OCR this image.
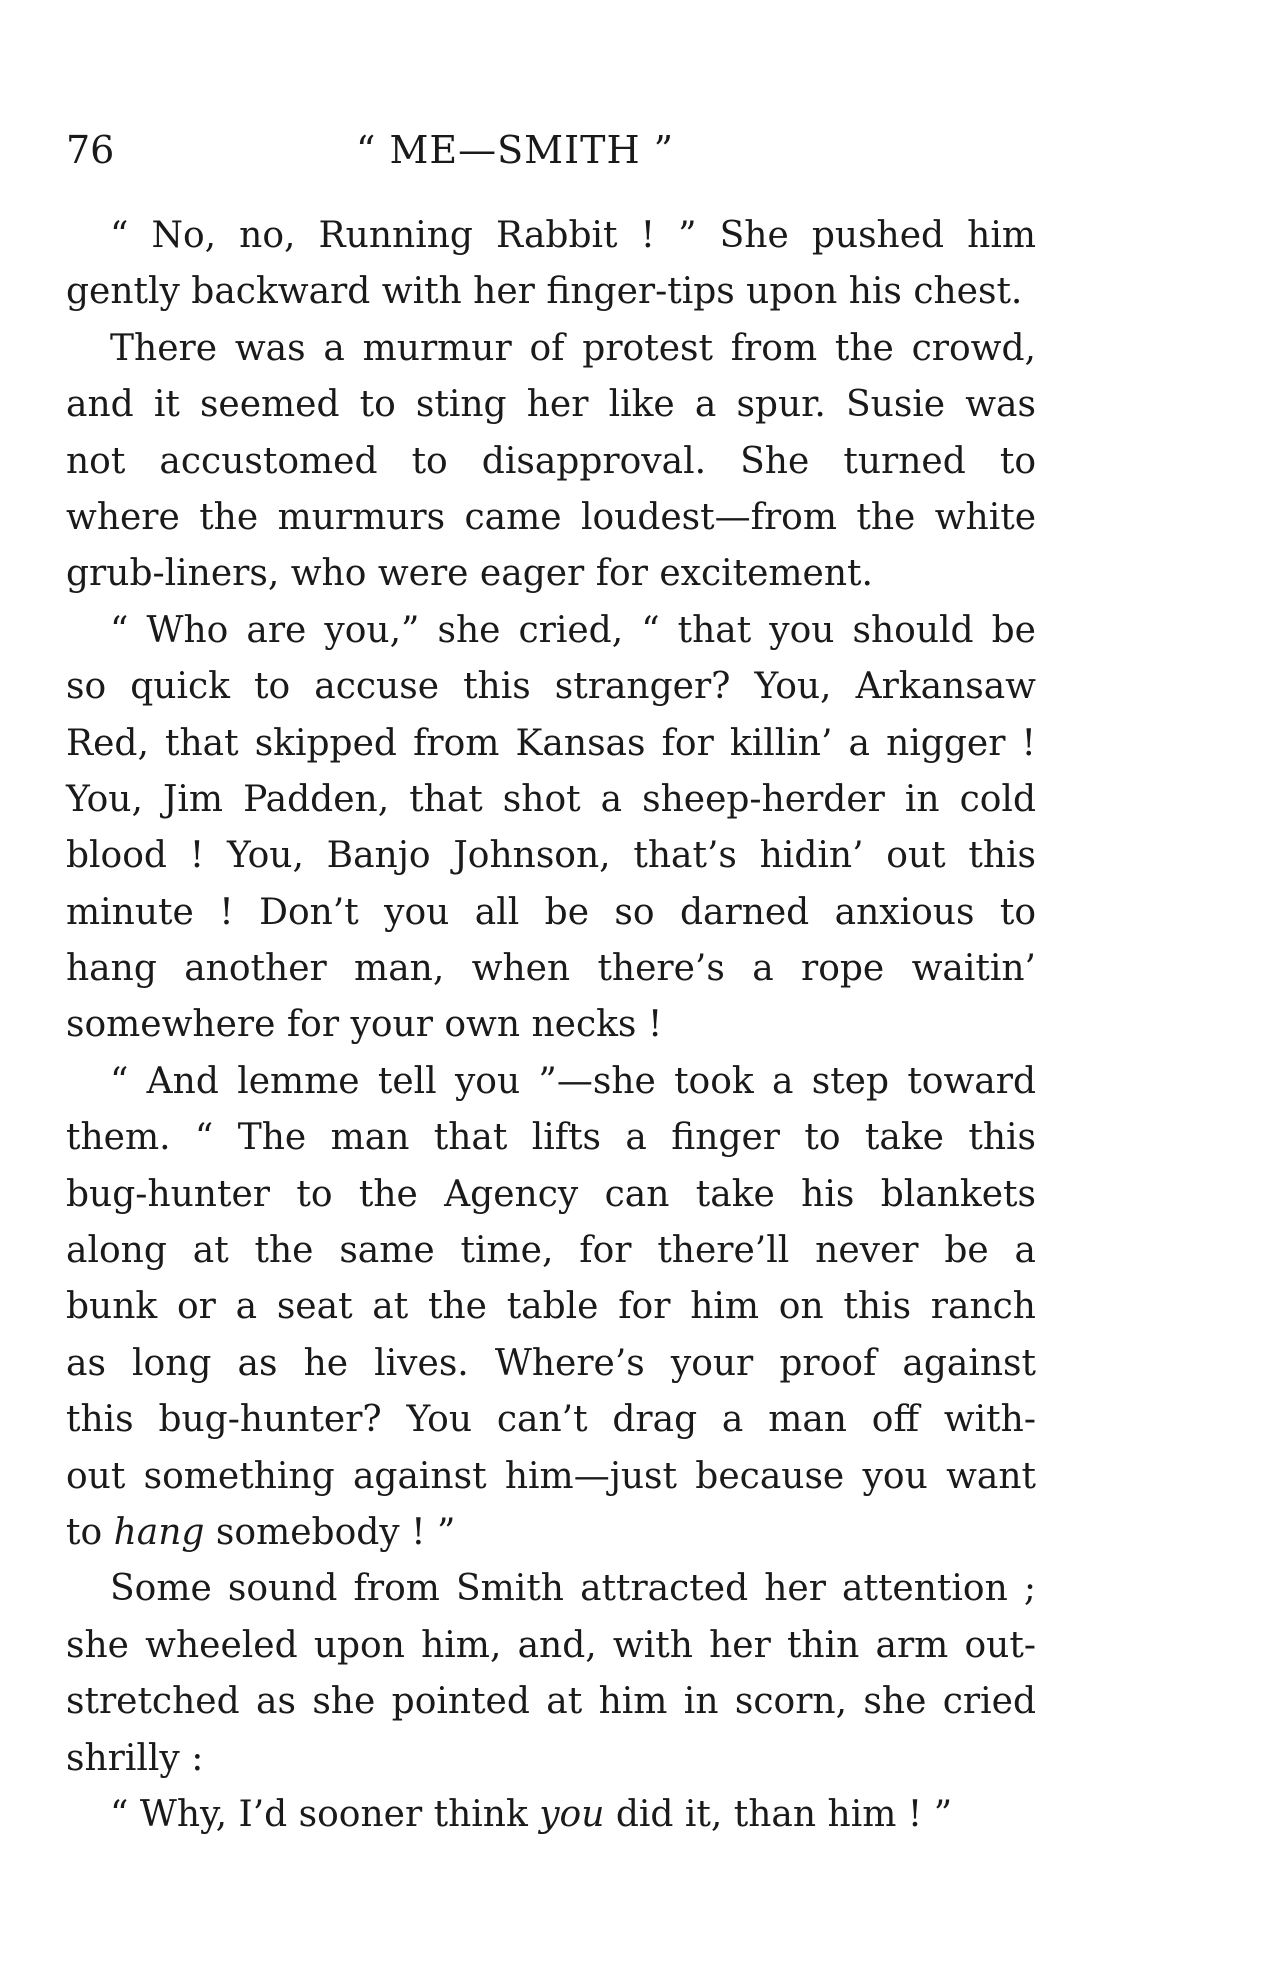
76	“ ME—SMITH ”
“ No, no, Running Rabbit ! ” She pushed him
gently backward with her finger-tips upon his chest.
There was a murmur of protest from the crowd,
and it seemed to sting her like a spur. Susie was
not accustomed to disapproval. She turned to
where the murmurs came loudest—from the white
grub-liners, who were eager for excitement.
“ Who are you,” she cried, “ that you should be
so quick to accuse this stranger? You, Arkansaw
Red, that skipped from Kansas for killin’ a nigger !
You, Jim Padden, that shot a sheep-herder in cold
blood ! You, Banjo Johnson, that’s hidin’ out this
minute ! Don’t you all be so darned anxious to
hang another man, when there’s a rope waitin’
somewhere for your own necks !
“ And lemme tell you ”—she took a step toward
them. “ The man that lifts a finger to take this
bug-hunter to the Agency can take his blankets
along at the same time, for there’ll never be a
bunk or a seat at the table for him on this ranch
as long as he lives. Where’s your proof against
this bug-hunter? You can’t drag a man off with-
out something against him—just because you want
to hang somebody ! ”
Some sound from Smith attracted her attention ;
she wheeled upon him, and, with her thin arm out-
stretched as she pointed at him in scorn, she cried
shrilly :
“ Why, I’d sooner think you did it, than him ! ”
